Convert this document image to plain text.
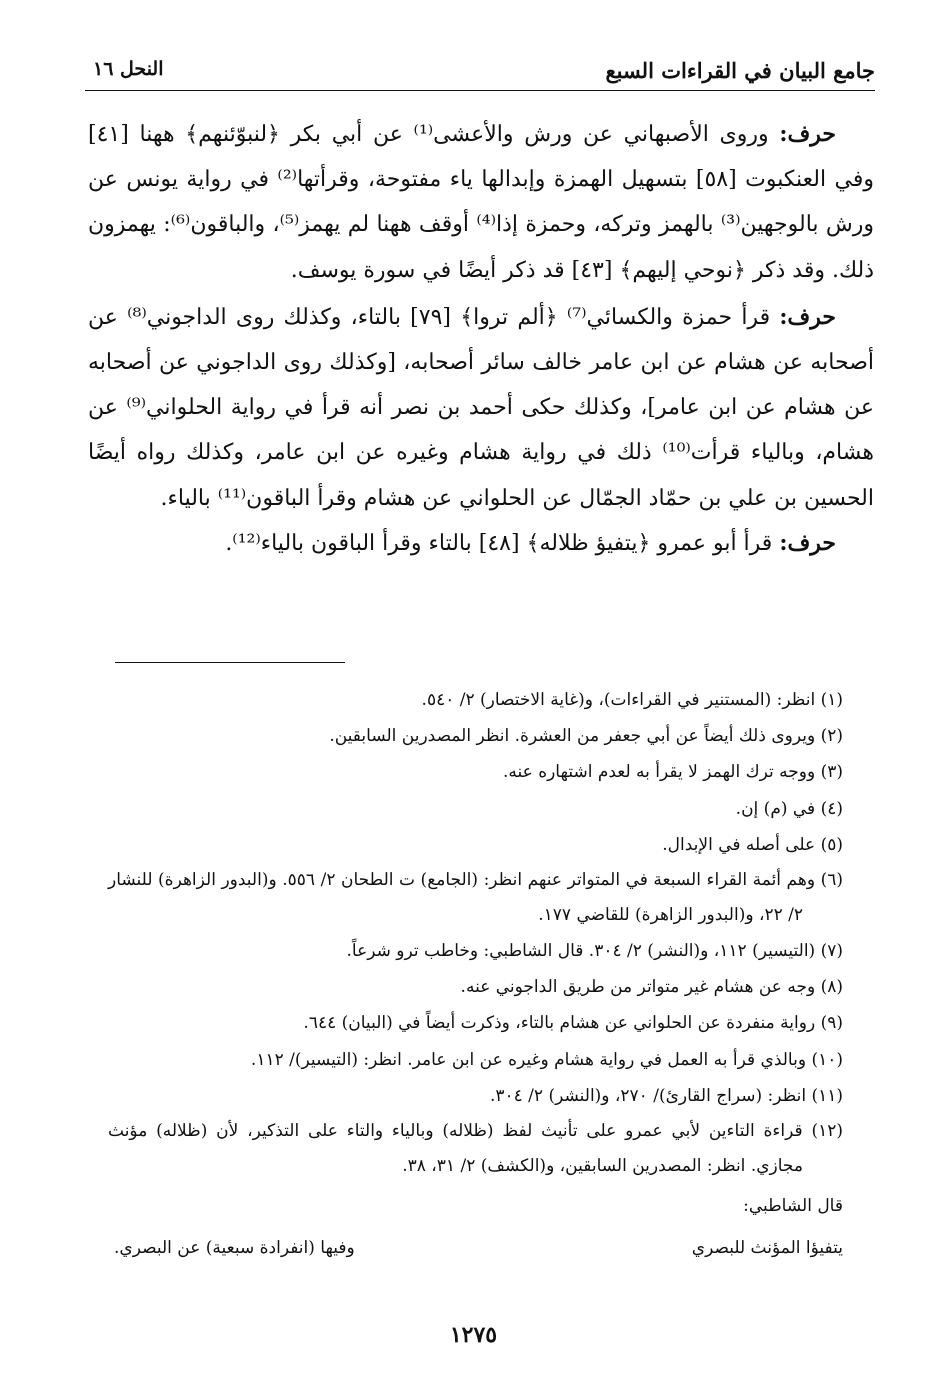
جامع البيان في القراءات السبع
النحل ١٦

حرف: وروى الأصبهاني عن ورش والأعشى⁽¹⁾ عن أبي بكر ﴿لنبوّئنهم﴾ ههنا [٤١] وفي العنكبوت [٥٨] بتسهيل الهمزة وإبدالها ياء مفتوحة، وقرأتها⁽²⁾ في رواية يونس عن ورش بالوجهين⁽³⁾ بالهمز وتركه، وحمزة إذا⁽⁴⁾ أوقف ههنا لم يهمز⁽⁵⁾، والباقون⁽⁶⁾: يهمزون ذلك. وقد ذكر ﴿نوحي إليهم﴾ [٤٣] قد ذكر أيضًا في سورة يوسف.

حرف: قرأ حمزة والكسائي⁽⁷⁾ ﴿ألم تروا﴾ [٧٩] بالتاء، وكذلك روى الداجوني⁽⁸⁾ عن أصحابه عن هشام عن ابن عامر خالف سائر أصحابه، [وكذلك روى الداجوني عن أصحابه عن هشام عن ابن عامر]، وكذلك حكى أحمد بن نصر أنه قرأ في رواية الحلواني⁽⁹⁾ عن هشام، وبالياء قرأت⁽¹⁰⁾ ذلك في رواية هشام وغيره عن ابن عامر، وكذلك رواه أيضًا الحسين بن علي بن حمّاد الجمّال عن الحلواني عن هشام وقرأ الباقون⁽¹¹⁾ بالياء.

حرف: قرأ أبو عمرو ﴿يتفيؤ ظلاله﴾ [٤٨] بالتاء وقرأ الباقون بالياء⁽¹²⁾.

(١) انظر: (المستنير في القراءات)، و(غاية الاختصار) ٢/ ٥٤٠.

(٢) ويروى ذلك أيضاً عن أبي جعفر من العشرة. انظر المصدرين السابقين.

(٣) ووجه ترك الهمز لا يقرأ به لعدم اشتهاره عنه.

(٤) في (م) إن.

(٥) على أصله في الإبدال.

(٦) وهم أئمة القراء السبعة في المتواتر عنهم انظر: (الجامع) ت الطحان ٢/ ٥٥٦. و(البدور الزاهرة) للنشار ٢/ ٢٢، و(البدور الزاهرة) للقاضي ١٧٧.

(٧) (التيسير) ١١٢، و(النشر) ٢/ ٣٠٤. قال الشاطبي: وخاطب ترو شرعاً.

(٨) وجه عن هشام غير متواتر من طريق الداجوني عنه.

(٩) رواية منفردة عن الحلواني عن هشام بالتاء، وذكرت أيضاً في (البيان) ٦٤٤.

(١٠) وبالذي قرأ به العمل في رواية هشام وغيره عن ابن عامر. انظر: (التيسير)/ ١١٢.

(١١) انظر: (سراج القارئ)/ ٢٧٠، و(النشر) ٢/ ٣٠٤.

(١٢) قراءة التاءين لأبي عمرو على تأنيث لفظ (ظلاله) وبالياء والتاء على التذكير، لأن (ظلاله) مؤنث مجازي. انظر: المصدرين السابقين، و(الكشف) ٢/ ٣١، ٣٨.

قال الشاطبي:

يتفيؤا المؤنث للبصري
وفيها (انفرادة سبعية) عن البصري.
١٢٧٥
